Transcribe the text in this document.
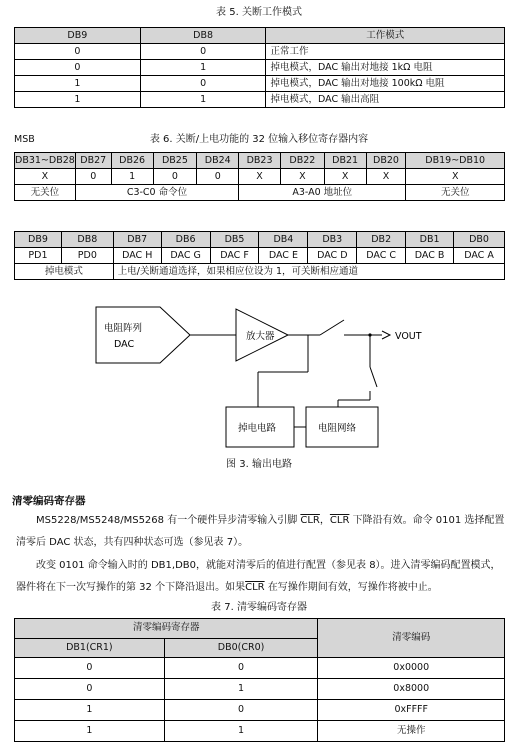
表 5. 关断工作模式
DB9	DB8	工作模式
0	0	正常工作
0	1	掉电模式，DAC 输出对地接 1kΩ 电阻
1	0	掉电模式，DAC 输出对地接 100kΩ 电阻
1	1	掉电模式，DAC 输出高阻
MSB	表 6. 关断/上电功能的 32 位输入移位寄存器内容
DB31~DB28	DB27	DB26	DB25	DB24	DB23	DB22	DB21	DB20	DB19~DB10
X	0	1	0	0	X	X	X	X	X
无关位	C3-C0 命令位				A3-A0 地址位				无关位
DB9	DB8	DB7	DB6	DB5	DB4	DB3	DB2	DB1	DB0
PD1	PD0	DAC H	DAC G	DAC F	DAC E	DAC D	DAC C	DAC B	DAC A
掉电模式		上电/关断通道选择，如果相应位设为 1，可关断相应通道							
电阻阵列
DAC
放大器	VOUT
掉电电路	电阻网络
图 3. 输出电路
清零编码寄存器
MS5228/MS5248/MS5268 有一个硬件异步清零输入引脚 $\overline{CLR}$，$\overline{CLR}$ 下降沿有效。命令 0101 选择配置清零后 DAC 状态，共有四种状态可选（参见表 7）。
改变 0101 命令输入时的 DB1,DB0，就能对清零后的值进行配置（参见表 8）。进入清零编码配置模式，器件将在下一次写操作的第 32 个下降沿退出。如果$\overline{CLR}$ 在写操作期间有效，写操作将被中止。
表 7. 清零编码寄存器
清零编码寄存器		清零编码
DB1(CR1)	DB0(CR0)	
0	0	0x0000
0	1	0x8000
1	0	0xFFFF
1	1	无操作
